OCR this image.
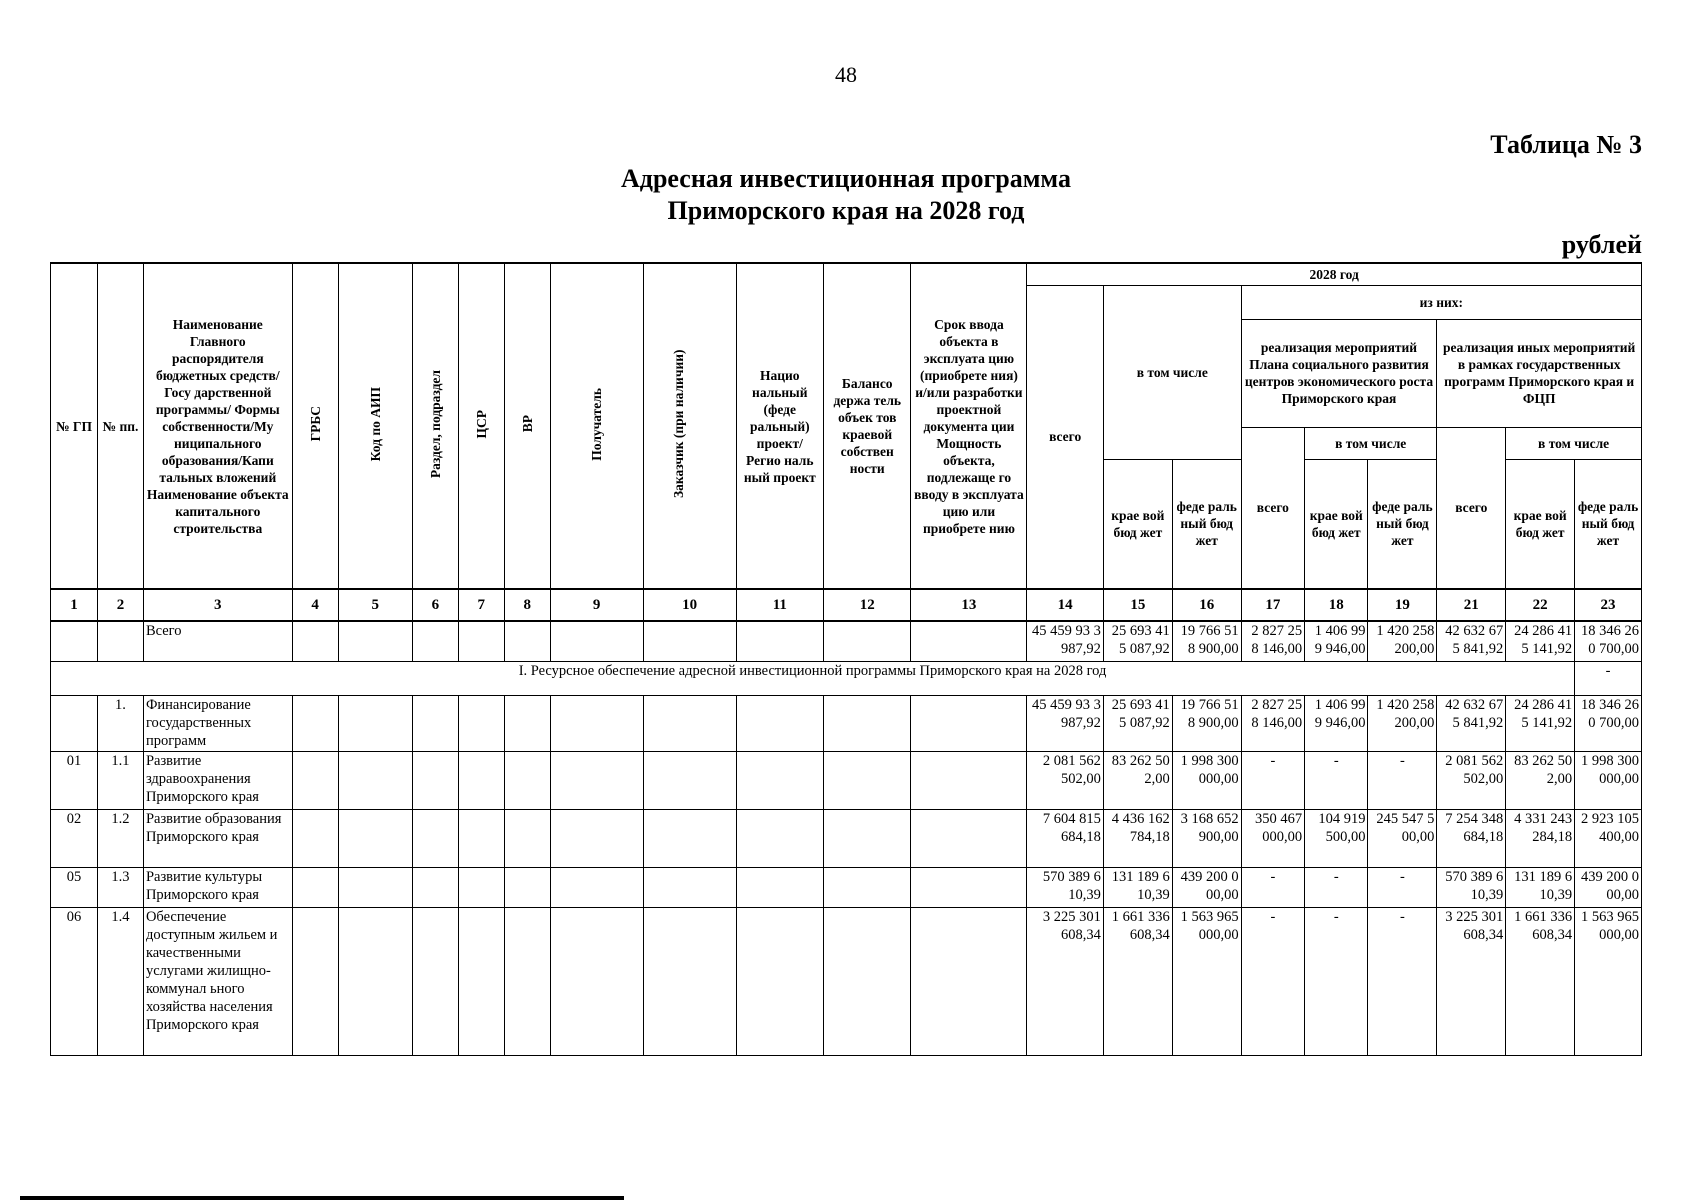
48
Таблица № 3
Адресная инвестиционная программа
Приморского края на 2028 год
рублей
№ ГП	№ пп.	Наименование Главного распорядителя бюджетных средств/Госу дарственной программы/ Формы собственности/Му ниципального образования/Капи тальных вложений Наименование объекта капитального строительства	ГРБС	Код по АИП	Раздел, подраздел	ЦСР	ВР	Получатель	Заказчик (при наличии)	Нацио нальный (феде ральный) проект/ Регио наль ный проект	Балансо держа тель объек тов краевой собствен ности	Срок ввода объекта в эксплуата цию (приобрете ния) и/или разработки проектной документа ции Мощность объекта, подлежаще го вводу в эксплуата цию или приобрете нию	2028 год								
													всего	в том числе		из них:					
																реализация мероприятий Плана социального развития центров экономического роста Приморского края			реализация иных мероприятий в рамках государственных программ Приморского края и ФЦП		
																всего	в том числе		всего	в том числе	
														крае вой бюд жет	феде раль ный бюд жет		крае вой бюд жет	феде раль ный бюд жет		крае вой бюд жет	феде раль ный бюд жет
1	2	3	4	5	6	7	8	9	10	11	12	13	14	15	16	17	18	19	21	22	23
		Всего											45 459 93 3 987,92	25 693 41 5 087,92	19 766 51 8 900,00	2 827 25 8 146,00	1 406 99 9 946,00	1 420 258 200,00	42 632 67 5 841,92	24 286 41 5 141,92	18 346 26 0 700,00
I. Ресурсное обеспечение адресной инвестиционной программы Приморского края на 2028 год																					-
	1.	Финансирование государственных программ											45 459 93 3 987,92	25 693 41 5 087,92	19 766 51 8 900,00	2 827 25 8 146,00	1 406 99 9 946,00	1 420 258 200,00	42 632 67 5 841,92	24 286 41 5 141,92	18 346 26 0 700,00
01	1.1	Развитие здравоохранения Приморского края											2 081 562 502,00	83 262 50 2,00	1 998 300 000,00	-	-	-	2 081 562 502,00	83 262 50 2,00	1 998 300 000,00
02	1.2	Развитие образования Приморского края											7 604 815 684,18	4 436 162 784,18	3 168 652 900,00	350 467 000,00	104 919 500,00	245 547 5 00,00	7 254 348 684,18	4 331 243 284,18	2 923 105 400,00
05	1.3	Развитие культуры Приморского края											570 389 6 10,39	131 189 6 10,39	439 200 0 00,00	-	-	-	570 389 6 10,39	131 189 6 10,39	439 200 0 00,00
06	1.4	Обеспечение доступным жильем и качественными услугами жилищно-коммунал ьного хозяйства населения Приморского края											3 225 301 608,34	1 661 336 608,34	1 563 965 000,00	-	-	-	3 225 301 608,34	1 661 336 608,34	1 563 965 000,00
